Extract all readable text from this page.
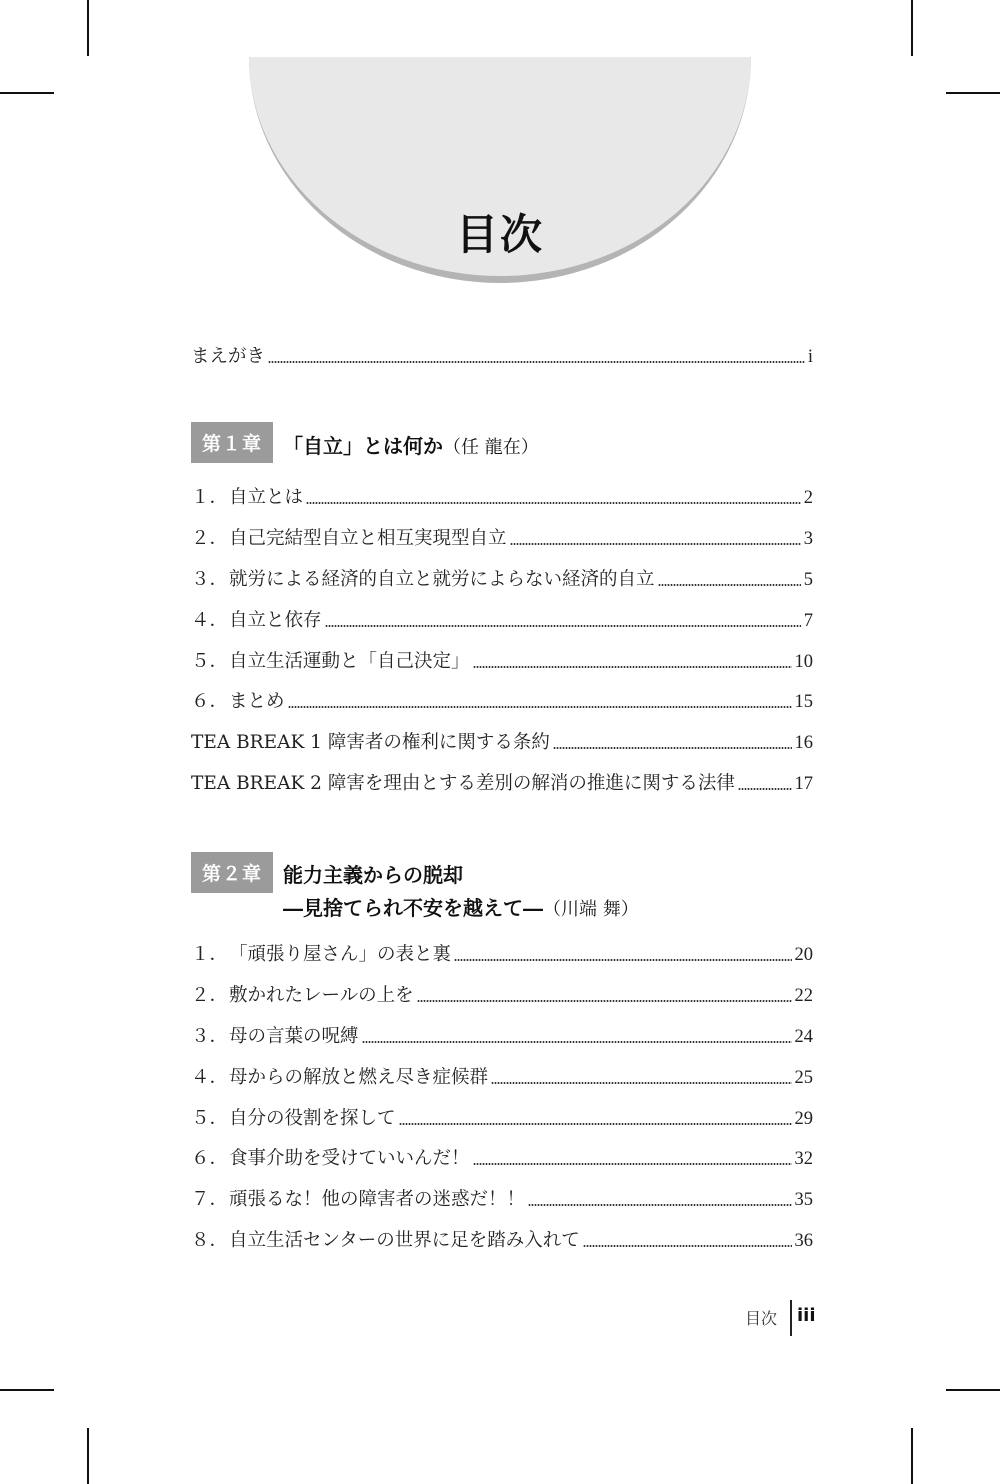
目次
まえがき	i
第１章	「自立」とは何か（任 龍在）
１．自立とは	2
２．自己完結型自立と相互実現型自立	3
３．就労による経済的自立と就労によらない経済的自立	5
４．自立と依存	7
５．自立生活運動と「自己決定」	10
６．まとめ	15
TEA BREAK 1 障害者の権利に関する条約	16
TEA BREAK 2 障害を理由とする差別の解消の推進に関する法律	17
第２章	能力主義からの脱却
―見捨てられ不安を越えて―（川端 舞）
１．「頑張り屋さん」の表と裏	20
２．敷かれたレールの上を	22
３．母の言葉の呪縛	24
４．母からの解放と燃え尽き症候群	25
５．自分の役割を探して	29
６．食事介助を受けていいんだ！	32
７．頑張るな！他の障害者の迷惑だ！！	35
８．自立生活センターの世界に足を踏み入れて	36
目次 iii
